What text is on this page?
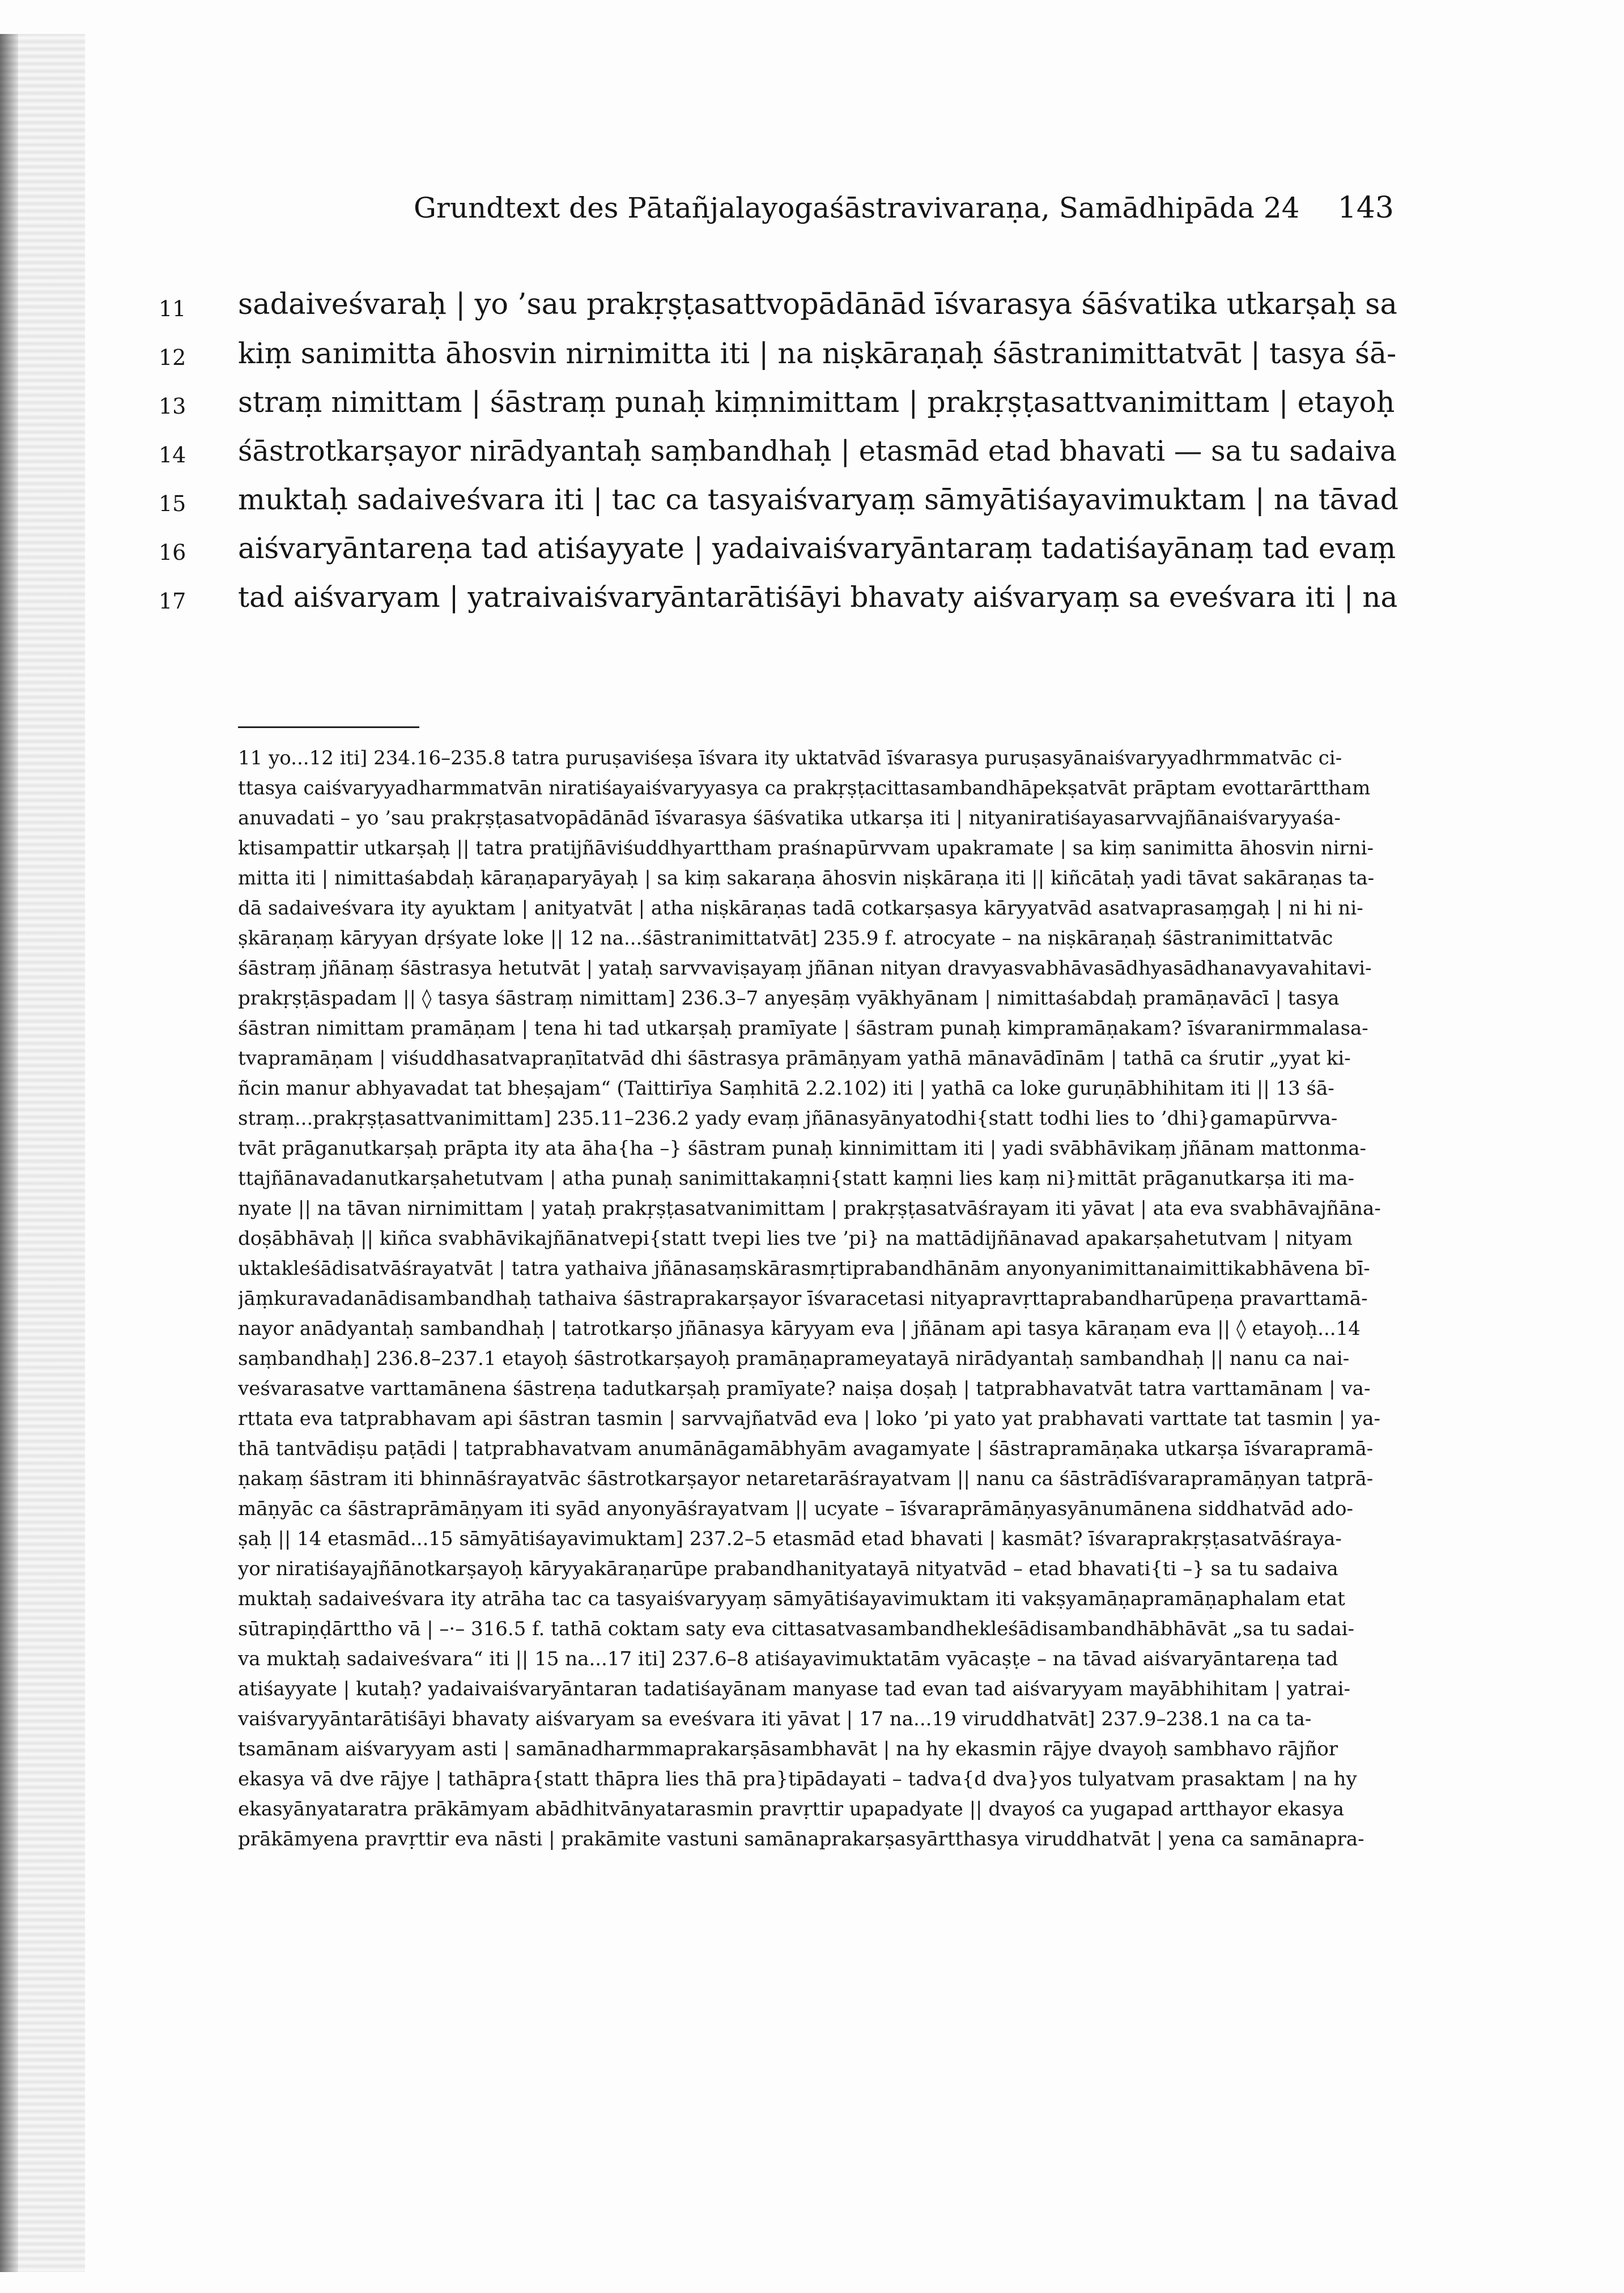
Grundtext des Pātañjalayogaśāstravivaraṇa, Samādhipāda 24 143
11	sadaiveśvaraḥ | yo ’sau prakṛṣṭasattvopādānād īśvarasya śāśvatika utkarṣaḥ sa
12	kiṃ sanimitta āhosvin nirnimitta iti | na niṣkāraṇaḥ śāstranimittatvāt | tasya śā-
13	straṃ nimittam | śāstraṃ punaḥ kiṃnimittam | prakṛṣṭasattvanimittam | etayoḥ
14	śāstrotkarṣayor nirādyantaḥ saṃbandhaḥ | etasmād etad bhavati — sa tu sadaiva
15	muktaḥ sadaiveśvara iti | tac ca tasyaiśvaryaṃ sāmyātiśayavimuktam | na tāvad
16	aiśvaryāntareṇa tad atiśayyate | yadaivaiśvaryāntaraṃ tadatiśayānaṃ tad evaṃ
17	tad aiśvaryam | yatraivaiśvaryāntarātiśāyi bhavaty aiśvaryaṃ sa eveśvara iti | na
11 yo...12 iti] 234.16–235.8 tatra puruṣaviśeṣa īśvara ity uktatvād īśvarasya puruṣasyānaiśvaryyadhrmmatvāc ci-
ttasya caiśvaryyadharmmatvān niratiśayaiśvaryyasya ca prakṛṣṭacittasambandhāpekṣatvāt prāptam evottarārttham
anuvadati – yo ’sau prakṛṣṭasatvopādānād īśvarasya śāśvatika utkarṣa iti | nityaniratiśayasarvvajñānaiśvaryyaśa-
ktisampattir utkarṣaḥ || tatra pratijñāviśuddhyarttham praśnapūrvvam upakramate | sa kiṃ sanimitta āhosvin nirni-
mitta iti | nimittaśabdaḥ kāraṇaparyāyaḥ | sa kiṃ sakaraṇa āhosvin niṣkāraṇa iti || kiñcātaḥ yadi tāvat sakāraṇas ta-
dā sadaiveśvara ity ayuktam | anityatvāt | atha niṣkāraṇas tadā cotkarṣasya kāryyatvād asatvaprasaṃgaḥ | ni hi ni-
ṣkāraṇaṃ kāryyan dṛśyate loke || 12 na...śāstranimittatvāt] 235.9 f. atrocyate – na niṣkāraṇaḥ śāstranimittatvāc
śāstraṃ jñānaṃ śāstrasya hetutvāt | yataḥ sarvvaviṣayaṃ jñānan nityan dravyasvabhāvasādhyasādhanavyavahitavi-
prakṛṣṭāspadam || ◊ tasya śāstraṃ nimittam] 236.3–7 anyeṣāṃ vyākhyānam | nimittaśabdaḥ pramāṇavācī | tasya
śāstran nimittam pramāṇam | tena hi tad utkarṣaḥ pramīyate | śāstram punaḥ kimpramāṇakam? īśvaranirmmalasa-
tvapramāṇam | viśuddhasatvapraṇītatvād dhi śāstrasya prāmāṇyam yathā mānavādīnām | tathā ca śrutir „yyat ki-
ñcin manur abhyavadat tat bheṣajam“ (Taittirīya Saṃhitā 2.2.102) iti | yathā ca loke guruṇābhihitam iti || 13 śā-
straṃ...prakṛṣṭasattvanimittam] 235.11–236.2 yady evaṃ jñānasyānyatodhi{statt todhi lies to ’dhi}gamapūrvva-
tvāt prāganutkarṣaḥ prāpta ity ata āha{ha –} śāstram punaḥ kinnimittam iti | yadi svābhāvikaṃ jñānam mattonma-
ttajñānavadanutkarṣahetutvam | atha punaḥ sanimittakaṃni{statt kaṃni lies kaṃ ni}mittāt prāganutkarṣa iti ma-
nyate || na tāvan nirnimittam | yataḥ prakṛṣṭasatvanimittam | prakṛṣṭasatvāśrayam iti yāvat | ata eva svabhāvajñāna-
doṣābhāvaḥ || kiñca svabhāvikajñānatvepi{statt tvepi lies tve ’pi} na mattādijñānavad apakarṣahetutvam | nityam
uktakleśādisatvāśrayatvāt | tatra yathaiva jñānasaṃskārasmṛtiprabandhānām anyonyanimittanaimittikabhāvena bī-
jāṃkuravadanādisambandhaḥ tathaiva śāstraprakarṣayor īśvaracetasi nityapravṛttaprabandharūpeṇa pravarttamā-
nayor anādyantaḥ sambandhaḥ | tatrotkarṣo jñānasya kāryyam eva | jñānam api tasya kāraṇam eva || ◊ etayoḥ...14
saṃbandhaḥ] 236.8–237.1 etayoḥ śāstrotkarṣayoḥ pramāṇaprameyatayā nirādyantaḥ sambandhaḥ || nanu ca nai-
veśvarasatve varttamānena śāstreṇa tadutkarṣaḥ pramīyate? naiṣa doṣaḥ | tatprabhavatvāt tatra varttamānam | va-
rttata eva tatprabhavam api śāstran tasmin | sarvvajñatvād eva | loko ’pi yato yat prabhavati varttate tat tasmin | ya-
thā tantvādiṣu paṭādi | tatprabhavatvam anumānāgamābhyām avagamyate | śāstrapramāṇaka utkarṣa īśvarapramā-
ṇakaṃ śāstram iti bhinnāśrayatvāc śāstrotkarṣayor netaretarāśrayatvam || nanu ca śāstrādīśvarapramāṇyan tatprā-
māṇyāc ca śāstraprāmāṇyam iti syād anyonyāśrayatvam || ucyate – īśvaraprāmāṇyasyānumānena siddhatvād ado-
ṣaḥ || 14 etasmād...15 sāmyātiśayavimuktam] 237.2–5 etasmād etad bhavati | kasmāt? īśvaraprakṛṣṭasatvāśraya-
yor niratiśayajñānotkarṣayoḥ kāryyakāraṇarūpe prabandhanityatayā nityatvād – etad bhavati{ti –} sa tu sadaiva
muktaḥ sadaiveśvara ity atrāha tac ca tasyaiśvaryyaṃ sāmyātiśayavimuktam iti vakṣyamāṇapramāṇaphalam etat
sūtrapiṇḍārttho vā | –·– 316.5 f. tathā coktam saty eva cittasatvasambandhekleśādisambandhābhāvāt „sa tu sadai-
va muktaḥ sadaiveśvara“ iti || 15 na...17 iti] 237.6–8 atiśayavimuktatām vyācaṣṭe – na tāvad aiśvaryāntareṇa tad
atiśayyate | kutaḥ? yadaivaiśvaryāntaran tadatiśayānam manyase tad evan tad aiśvaryyam mayābhihitam | yatrai-
vaiśvaryyāntarātiśāyi bhavaty aiśvaryam sa eveśvara iti yāvat | 17 na...19 viruddhatvāt] 237.9–238.1 na ca ta-
tsamānam aiśvaryyam asti | samānadharmmaprakarṣāsambhavāt | na hy ekasmin rājye dvayoḥ sambhavo rājñor
ekasya vā dve rājye | tathāpra{statt thāpra lies thā pra}tipādayati – tadva{d dva}yos tulyatvam prasaktam | na hy
ekasyānyataratra prākāmyam abādhitvānyatarasmin pravṛttir upapadyate || dvayoś ca yugapad artthayor ekasya
prākāmyena pravṛttir eva nāsti | prakāmite vastuni samānaprakarṣasyārtthasya viruddhatvāt | yena ca samānapra-
